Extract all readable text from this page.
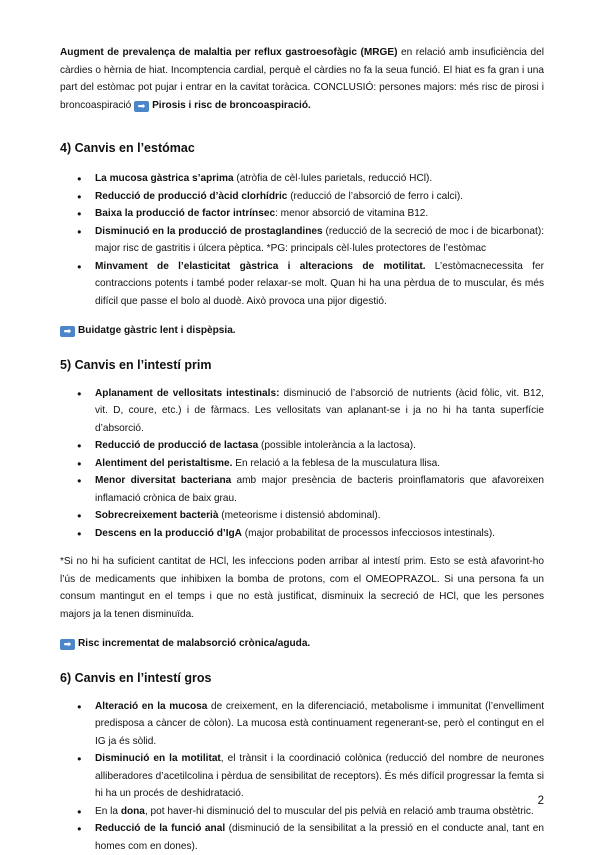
Augment de prevalença de malaltia per reflux gastroesofàgic (MRGE) en relació amb insuficiència del càrdies o hèrnia de hiat. Incomptencia cardial, perquè el càrdies no fa la seua funció. El hiat es fa gran i una part del estòmac pot pujar i entrar en la cavitat toràcica. CONCLUSIÓ: persones majors: més risc de pirosi i broncoaspiració ➡ Pirosis i risc de broncoaspiració.

4) Canvis en l’estómac
● La mucosa gàstrica s’aprima (atròfia de cèl·lules parietals, reducció HCl).
● Reducció de producció d’àcid clorhídric (reducció de l’absorció de ferro i calci).
● Baixa la producció de factor intrínsec: menor absorció de vitamina B12.
● Disminució en la producció de prostaglandines (reducció de la secreció de moc i de bicarbonat): major risc de gastritis i úlcera pèptica. *PG: principals cèl·lules protectores de l’estòmac
● Minvament de l’elasticitat gàstrica i alteracions de motilitat. L’estòmacnecessita fer contraccions potents i també poder relaxar-se molt. Quan hi ha una pèrdua de to muscular, és més difícil que passe el bolo al duodè. Això provoca una pijor digestió.
➡ Buidatge gàstric lent i dispèpsia.
5) Canvis en l’intestí prim
● Aplanament de vellositats intestinals: disminució de l’absorció de nutrients (àcid fòlic, vit. B12, vit. D, coure, etc.) i de fàrmacs. Les vellositats van aplanant-se i ja no hi ha tanta superfície d’absorció.
● Reducció de producció de lactasa (possible intolerància a la lactosa).
● Alentiment del peristaltisme. En relació a la feblesa de la musculatura llisa.
● Menor diversitat bacteriana amb major presència de bacteris proinflamatoris que afavoreixen inflamació crònica de baix grau.
● Sobrecreixement bacterià (meteorisme i distensió abdominal).
● Descens en la producció d’IgA (major probabilitat de processos infecciosos intestinals).

*Si no hi ha suficient cantitat de HCl, les infeccions poden arribar al intestí prim. Esto se està afavorint-ho l’ús de medicaments que inhibixen la bomba de protons, com el OMEOPRAZOL. Si una persona fa un consum mantingut en el temps i que no està justificat, disminuix la secreció de HCl, que les persones majors ja la tenen disminuïda.

➡ Risc incrementat de malabsorció crònica/aguda.
6) Canvis en l’intestí gros
● Alteració en la mucosa de creixement, en la diferenciació, metabolisme i immunitat (l’envelliment predisposa a càncer de còlon). La mucosa està continuament regenerant-se, però el contingut en el IG ja és sòlid.
● Disminució en la motilitat, el trànsit i la coordinació colònica (reducció del nombre de neurones alliberadores d’acetilcolina i pèrdua de sensibilitat de receptors). És més difícil progressar la femta si hi ha un procés de deshidratació.
● En la dona, pot haver-hi disminució del to muscular del pis pelvià en relació amb trauma obstètric.
● Reducció de la funció anal (disminució de la sensibilitat a la pressió en el conducte anal, tant en homes com en dones).
2
